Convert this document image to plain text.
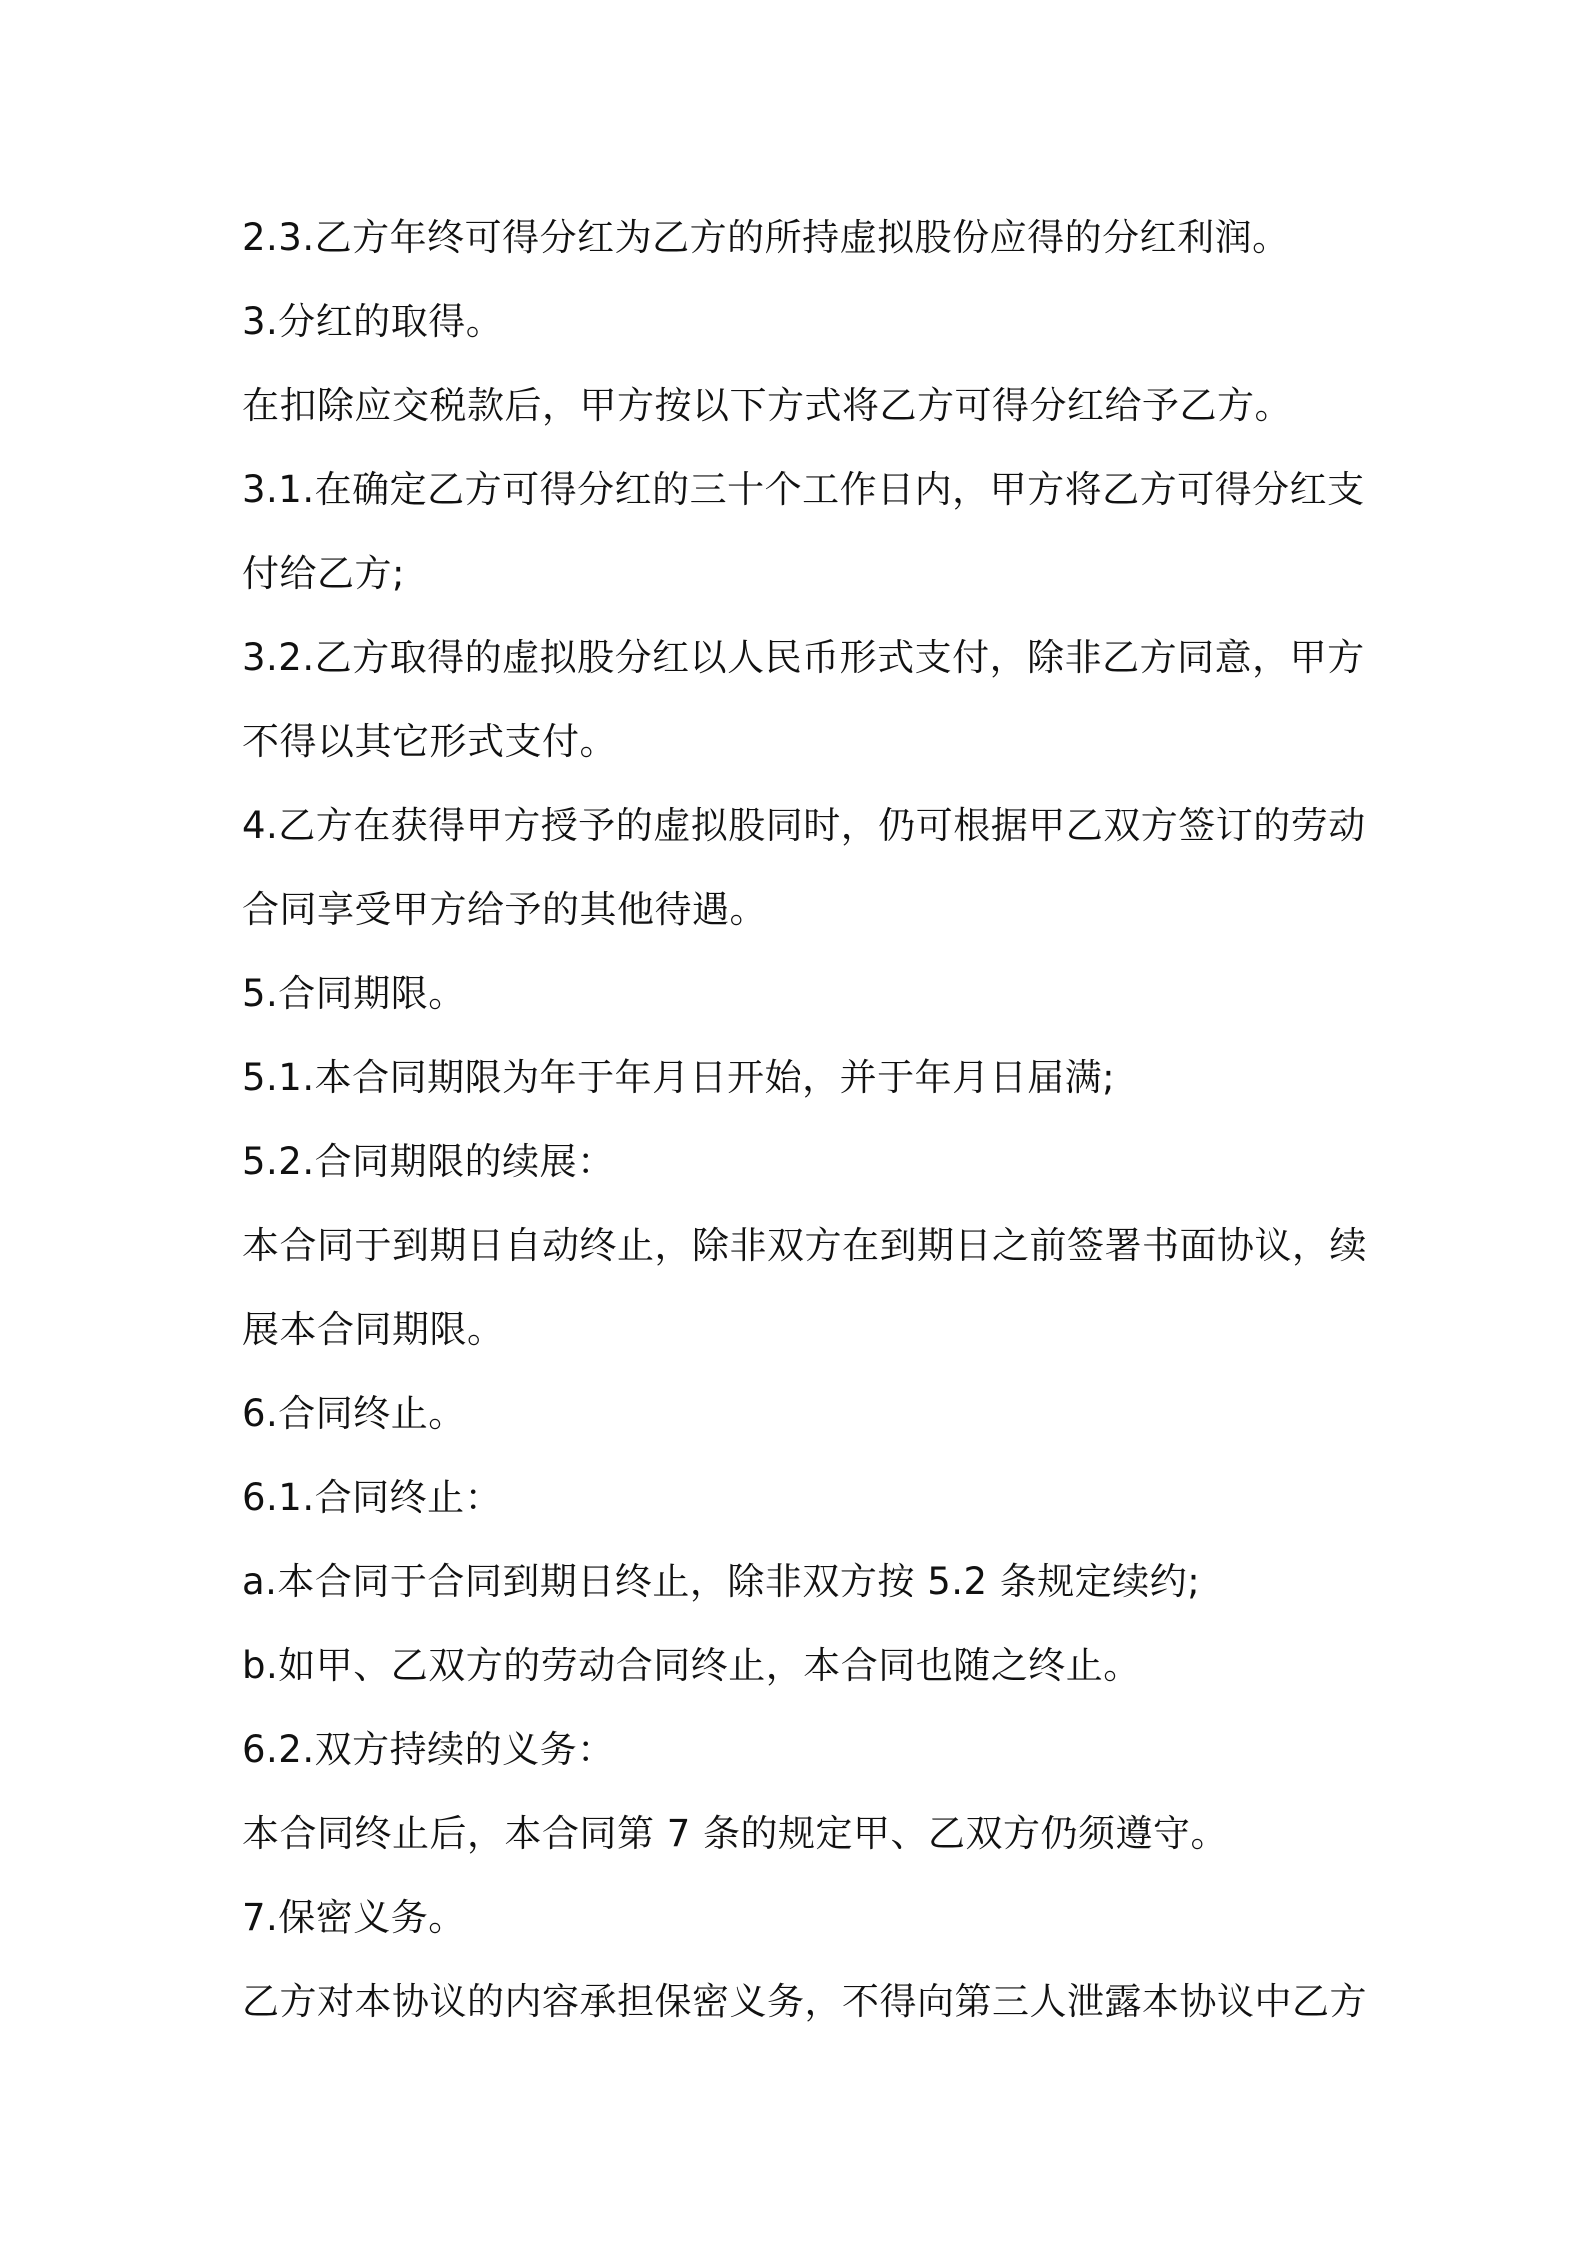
2.3.乙方年终可得分红为乙方的所持虚拟股份应得的分红利润。
3.分红的取得。
在扣除应交税款后，甲方按以下方式将乙方可得分红给予乙方。
3.1.在确定乙方可得分红的三十个工作日内，甲方将乙方可得分红支
付给乙方;
3.2.乙方取得的虚拟股分红以人民币形式支付，除非乙方同意，甲方
不得以其它形式支付。
4.乙方在获得甲方授予的虚拟股同时，仍可根据甲乙双方签订的劳动
合同享受甲方给予的其他待遇。
5.合同期限。
5.1.本合同期限为年于年月日开始，并于年月日届满;
5.2.合同期限的续展：
本合同于到期日自动终止，除非双方在到期日之前签署书面协议，续
展本合同期限。
6.合同终止。
6.1.合同终止：
a.本合同于合同到期日终止，除非双方按 5.2 条规定续约;
b.如甲、乙双方的劳动合同终止，本合同也随之终止。
6.2.双方持续的义务：
本合同终止后，本合同第 7 条的规定甲、乙双方仍须遵守。
7.保密义务。
乙方对本协议的内容承担保密义务，不得向第三人泄露本协议中乙方
